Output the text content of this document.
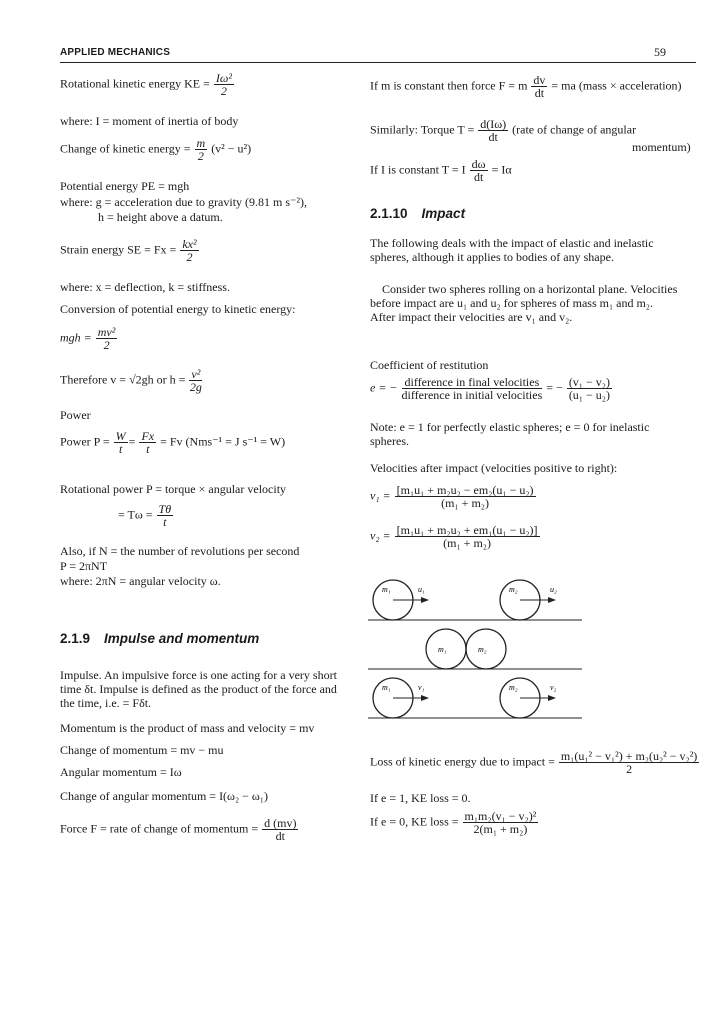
APPLIED MECHANICS	59
Rotational kinetic energy KE = $\frac{\text{Iω²}}{2}$
where: I = moment of inertia of body
Change of kinetic energy = $\frac{m}{2} (v^2 - u^2)$
Potential energy PE = mgh
where: g = acceleration due to gravity (9.81 m s⁻²),
h = height above a datum.
Strain energy SE = $Fx = \frac{\text{kx²}}{2}$
where: x = deflection, k = stiffness.
Conversion of potential energy to kinetic energy:
mgh = $\frac{\text{mv²}}{2}$
Therefore v = √2gh or $h = \frac{\text{v²}}{2g}$
Power
Power $P = \frac{W}{t} = \frac{Fx}{t} = Fv$ (Nms⁻¹ = J s⁻¹ = W)
Rotational power P = torque × angular velocity
= $T\omega = \frac{T\theta}{t}$
Also, if N = the number of revolutions per second
P = 2πNT
where: 2πN = angular velocity ω.
2.1.9 Impulse and momentum
Impulse. An impulsive force is one acting for a very short time δt. Impulse is defined as the product of the force and the time, i.e. = Fδt.
Momentum is the product of mass and velocity = mv
Change of momentum = mv − mu
Angular momentum = Iω
Change of angular momentum = I(ω₂ − ω₁)
Force F = rate of change of momentum = $\frac{d (mv)}{dt}$
If m is constant then force F = m $\frac{dv}{dt}$ = ma (mass × acceleration)
Similarly: Torque $T = \frac{d(I\omega)}{dt}$ (rate of change of angular
momentum)
If I is constant T = I $\frac{d\omega}{dt} = I\alpha$
2.1.10 Impact
The following deals with the impact of elastic and inelastic spheres, although it applies to bodies of any shape.
Consider two spheres rolling on a horizontal plane. Velocities before impact are u₁ and u₂ for spheres of mass m₁ and m₂. After impact their velocities are v₁ and v₂.
Coefficient of restitution
e = − $\frac{\text{difference in final velocities}}{\text{difference in initial velocities}}$ = − $\frac{\text{(v₁ − v₂)}}{\text{(u₁ − u₂)}}$
Note: e = 1 for perfectly elastic spheres; e = 0 for inelastic spheres.
Velocities after impact (velocities positive to right):
$v_1 = \frac{\text{[m₁u₁ + m₂u₂ − em₂(u₁ − u₂)}}{\text{(m₁ + m₂)}}$
$v_2 = \frac{\text{[m₁u₁ + m₂u₂ + em₁(u₁ − u₂)]}}{\text{(m₁ + m₂)}}$
Loss of kinetic energy due to impact = $\frac{\text{m₁(u₁² − v₁²) + m₂(u₂² − v₂²)}}{2}$
If e = 1, KE loss = 0.
If e = 0, KE loss = $\frac{\text{m₁m₂(v₁ − v₂)²}}{\text{2(m₁ + m₂)}}$
m₁	u₁	m₂	u₂
m₁	m₂
m₁	v₁	m₂	v₂
